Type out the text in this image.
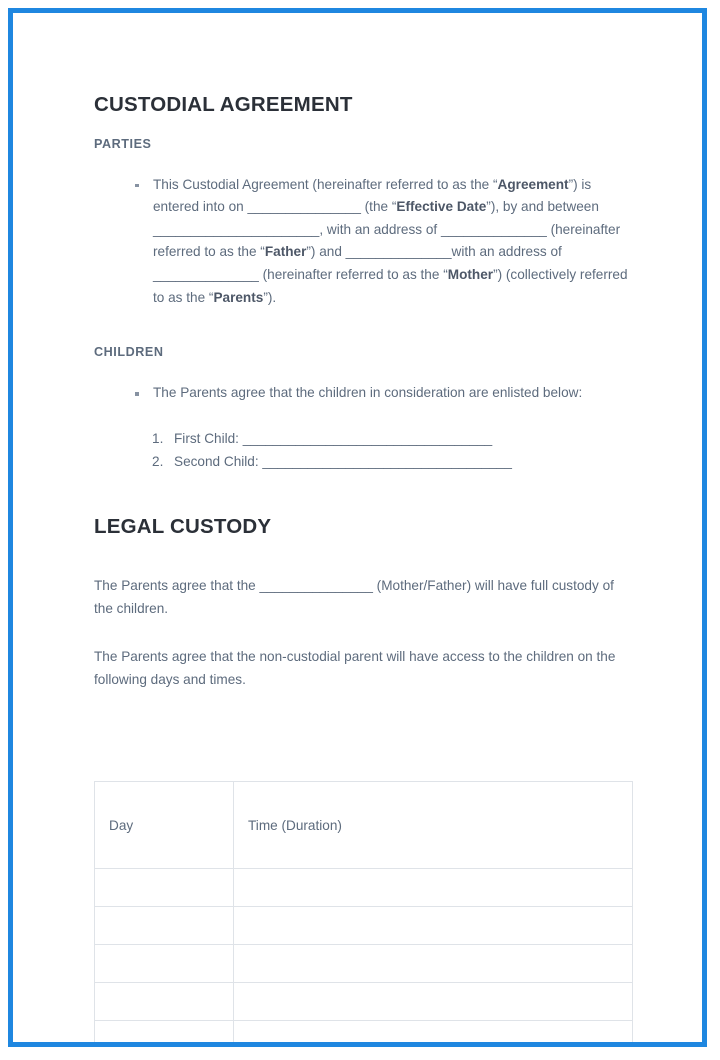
CUSTODIAL AGREEMENT
PARTIES
This Custodial Agreement (hereinafter referred to as the “Agreement”) is entered into on _______________ (the “Effective Date”), by and between ______________________, with an address of ______________ (hereinafter referred to as the “Father”) and ______________with an address of ______________ (hereinafter referred to as the “Mother”) (collectively referred to as the “Parents”).
CHILDREN
The Parents agree that the children in consideration are enlisted below:
First Child: _________________________________
Second Child: _________________________________
LEGAL CUSTODY

The Parents agree that the _______________ (Mother/Father) will have full custody of the children.

The Parents agree that the non-custodial parent will have access to the children on the following days and times.

Day	Time (Duration)
